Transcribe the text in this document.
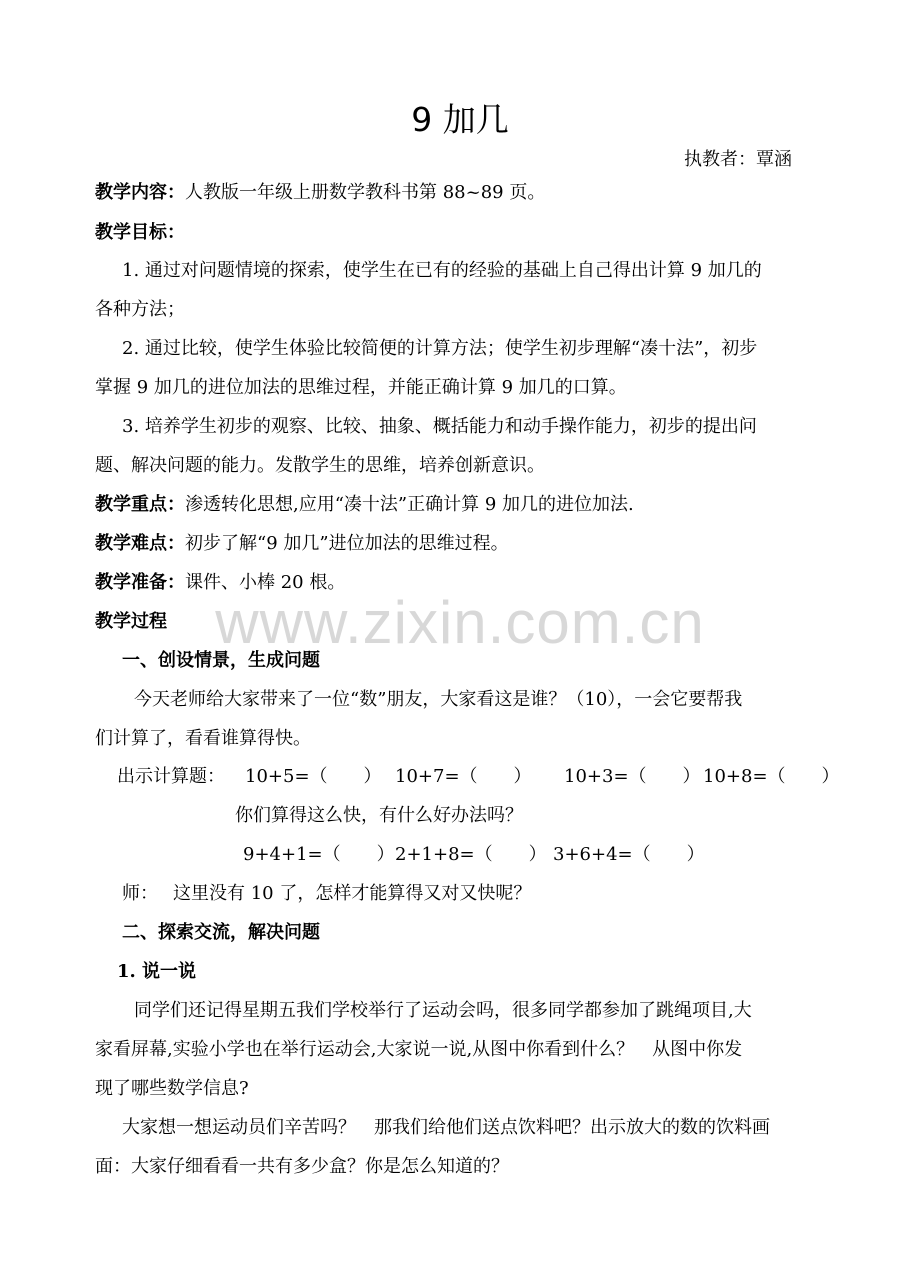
www.zixin.com.cn
9 加几
执教者：覃涵
教学内容：人教版一年级上册数学教科书第 88~89 页。
教学目标：
1. 通过对问题情境的探索，使学生在已有的经验的基础上自己得出计算 9 加几的
各种方法；
2. 通过比较，使学生体验比较简便的计算方法；使学生初步理解“凑十法”，初步
掌握 9 加几的进位加法的思维过程，并能正确计算 9 加几的口算。
3. 培养学生初步的观察、比较、抽象、概括能力和动手操作能力，初步的提出问
题、解决问题的能力。发散学生的思维，培养创新意识。
教学重点：渗透转化思想,应用“凑十法”正确计算 9 加几的进位加法.
教学难点：初步了解“9 加几”进位加法的思维过程。
教学准备：课件、小棒 20 根。
教学过程
一、创设情景，生成问题
今天老师给大家带来了一位“数”朋友，大家看这是谁？（10），一会它要帮我
们计算了，看看谁算得快。
出示计算题： 10+5=（　　） 10+7=（　　） 10+3=（　　） 10+8=（　　）
你们算得这么快，有什么好办法吗？
9+4+1=（　　） 2+1+8=（　　） 3+6+4=（　　）
师： 这里没有 10 了，怎样才能算得又对又快呢？
二、探索交流，解决问题
1. 说一说
同学们还记得星期五我们学校举行了运动会吗，很多同学都参加了跳绳项目,大
家看屏幕,实验小学也在举行运动会,大家说一说,从图中你看到什么？　从图中你发
现了哪些数学信息?
大家想一想运动员们辛苦吗？　那我们给他们送点饮料吧？出示放大的数的饮料画
面：大家仔细看看一共有多少盒？你是怎么知道的？
